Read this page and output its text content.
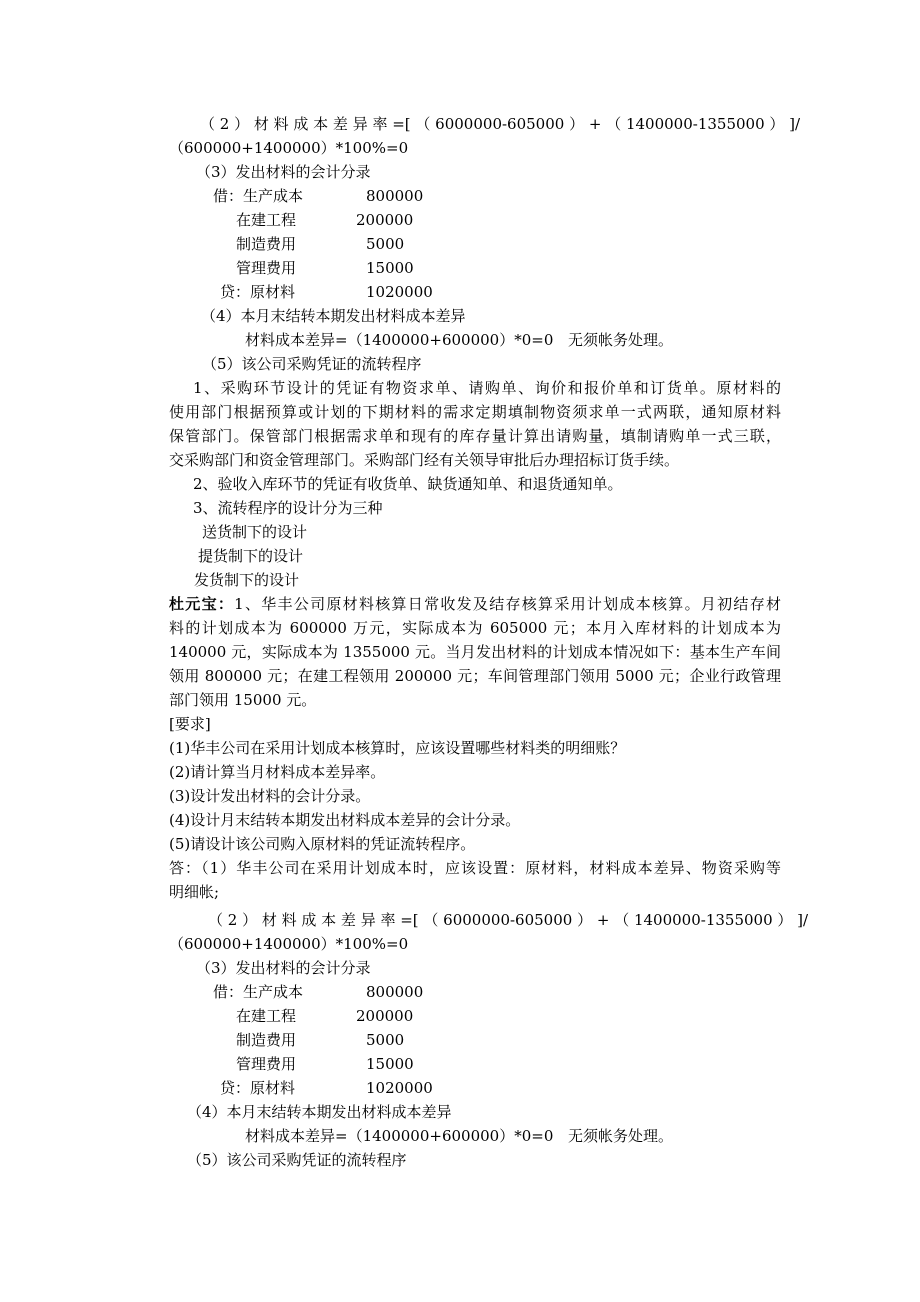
（ 2 ） 材 料 成 本 差 异 率 =[ （ 6000000-605000 ） + （ 1400000-1355000 ） ]/
（600000+1400000）*100%=0
（3）发出材料的会计分录
借：生产成本	800000
在建工程	200000
制造费用	5000
管理费用	15000
贷：原材料	1020000
（4）本月末结转本期发出材料成本差异
材料成本差异=（1400000+600000）*0=0 无须帐务处理。
（5）该公司采购凭证的流转程序
1、采购环节设计的凭证有物资求单、请购单、询价和报价单和订货单。原材料的
使用部门根据预算或计划的下期材料的需求定期填制物资须求单一式两联，通知原材料
保管部门。保管部门根据需求单和现有的库存量计算出请购量，填制请购单一式三联，
交采购部门和资金管理部门。采购部门经有关领导审批后办理招标订货手续。
2、验收入库环节的凭证有收货单、缺货通知单、和退货通知单。
3、流转程序的设计分为三种
送货制下的设计
提货制下的设计
发货制下的设计
杜元宝：1、华丰公司原材料核算日常收发及结存核算采用计划成本核算。月初结存材
料的计划成本为 600000 万元，实际成本为 605000 元；本月入库材料的计划成本为
140000 元，实际成本为 1355000 元。当月发出材料的计划成本情况如下：基本生产车间
领用 800000 元；在建工程领用 200000 元；车间管理部门领用 5000 元；企业行政管理
部门领用 15000 元。
[要求]
(1)华丰公司在采用计划成本核算时，应该设置哪些材料类的明细账？
(2)请计算当月材料成本差异率。
(3)设计发出材料的会计分录。
(4)设计月末结转本期发出材料成本差异的会计分录。
(5)请设计该公司购入原材料的凭证流转程序。
答：（1）华丰公司在采用计划成本时，应该设置：原材料，材料成本差异、物资采购等
明细帐;
（ 2 ） 材 料 成 本 差 异 率 =[ （ 6000000-605000 ） + （ 1400000-1355000 ） ]/
（600000+1400000）*100%=0
（3）发出材料的会计分录
借：生产成本	800000
在建工程	200000
制造费用	5000
管理费用	15000
贷：原材料	1020000
（4）本月末结转本期发出材料成本差异
材料成本差异=（1400000+600000）*0=0 无须帐务处理。
（5）该公司采购凭证的流转程序
